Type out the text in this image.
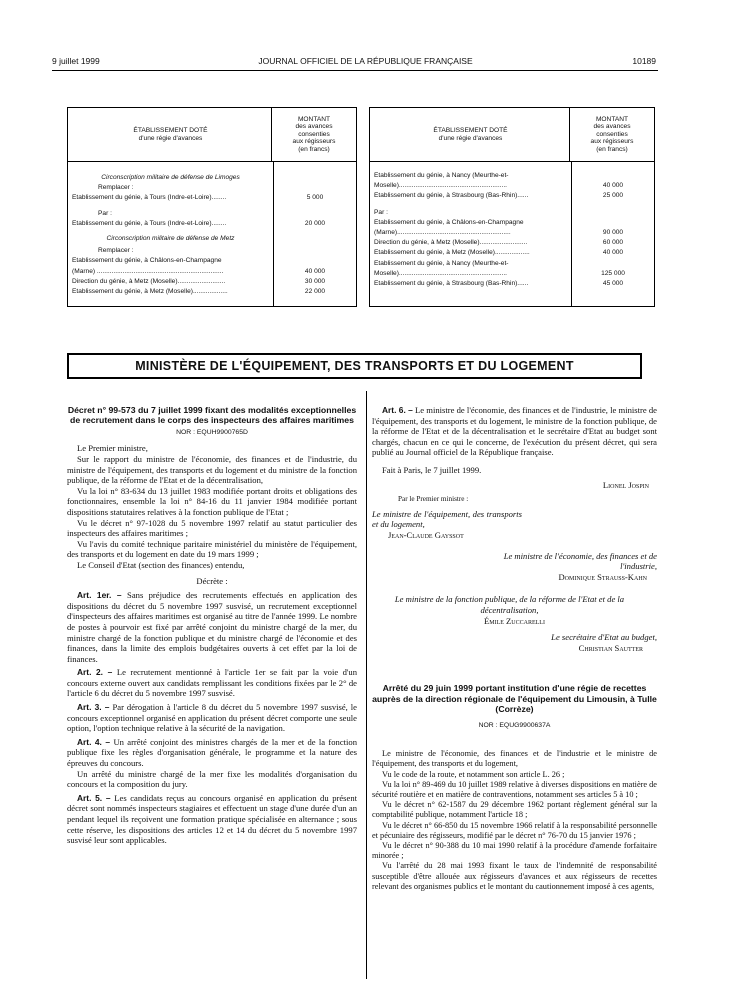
9 juillet 1999	JOURNAL OFFICIEL DE LA RÉPUBLIQUE FRANÇAISE	10189
ÉTABLISSEMENT DOTÉ
d'une régie d'avances
MONTANT
des avances
consenties
aux régisseurs
(en francs)
Circonscription militaire de défense de Limoges
Remplacer :
Etablissement du génie, à Tours (Indre-et-Loire)........	5 000
Par :
Etablissement du génie, à Tours (Indre-et-Loire)........	20 000
Circonscription militaire de défense de Metz
Remplacer :
Etablissement du génie, à Châlons-en-Champagne
(Marne) .....................................................................	40 000
Direction du génie, à Metz (Moselle)..........................	30 000
Etablissement du génie, à Metz (Moselle)...................	22 000
ÉTABLISSEMENT DOTÉ
d'une régie d'avances
MONTANT
des avances
consenties
aux régisseurs
(en francs)
Etablissement du génie, à Nancy (Meurthe-et-
Moselle)...........................................................	40 000
Etablissement du génie, à Strasbourg (Bas-Rhin)......	25 000
Par :
Etablissement du génie, à Châlons-en-Champagne
(Marne)..............................................................	90 000
Direction du génie, à Metz (Moselle)..........................	60 000
Etablissement du génie, à Metz (Moselle)...................	40 000
Etablissement du génie, à Nancy (Meurthe-et-
Moselle)...........................................................	125 000
Etablissement du génie, à Strasbourg (Bas-Rhin)......	45 000
MINISTÈRE DE L'ÉQUIPEMENT, DES TRANSPORTS ET DU LOGEMENT
Décret n° 99-573 du 7 juillet 1999 fixant des modalités exceptionnelles de recrutement dans le corps des inspecteurs des affaires maritimes
NOR : EQUH9900765D

Le Premier ministre,

Sur le rapport du ministre de l'économie, des finances et de l'industrie, du ministre de l'équipement, des transports et du logement et du ministre de la fonction publique, de la réforme de l'Etat et de la décentralisation,

Vu la loi n° 83-634 du 13 juillet 1983 modifiée portant droits et obligations des fonctionnaires, ensemble la loi n° 84-16 du 11 janvier 1984 modifiée portant dispositions statutaires relatives à la fonction publique de l'Etat ;

Vu le décret n° 97-1028 du 5 novembre 1997 relatif au statut particulier des inspecteurs des affaires maritimes ;

Vu l'avis du comité technique paritaire ministériel du ministère de l'équipement, des transports et du logement en date du 19 mars 1999 ;

Le Conseil d'Etat (section des finances) entendu,

Décrète :

Art. 1er. – Sans préjudice des recrutements effectués en application des dispositions du décret du 5 novembre 1997 susvisé, un recrutement exceptionnel d'inspecteurs des affaires maritimes est organisé au titre de l'année 1999. Le nombre de postes à pourvoir est fixé par arrêté conjoint du ministre chargé de la mer, du ministre chargé de la fonction publique et du ministre chargé de l'économie et des finances, dans la limite des emplois budgétaires ouverts à cet effet par la loi de finances.

Art. 2. – Le recrutement mentionné à l'article 1er se fait par la voie d'un concours externe ouvert aux candidats remplissant les conditions fixées par le 2° de l'article 6 du décret du 5 novembre 1997 susvisé.

Art. 3. – Par dérogation à l'article 8 du décret du 5 novembre 1997 susvisé, le concours exceptionnel organisé en application du présent décret comporte une seule option, l'option technique relative à la sécurité de la navigation.

Art. 4. – Un arrêté conjoint des ministres chargés de la mer et de la fonction publique fixe les règles d'organisation générale, le programme et la nature des épreuves du concours.

Un arrêté du ministre chargé de la mer fixe les modalités d'organisation du concours et la composition du jury.

Art. 5. – Les candidats reçus au concours organisé en application du présent décret sont nommés inspecteurs stagiaires et effectuent un stage d'une durée d'un an pendant lequel ils reçoivent une formation pratique spécialisée en alternance ; sous cette réserve, les dispositions des articles 12 et 14 du décret du 5 novembre 1997 susvisé leur sont applicables.

Art. 6. – Le ministre de l'économie, des finances et de l'industrie, le ministre de l'équipement, des transports et du logement, le ministre de la fonction publique, de la réforme de l'Etat et de la décentralisation et le secrétaire d'Etat au budget sont chargés, chacun en ce qui le concerne, de l'exécution du présent décret, qui sera publié au Journal officiel de la République française.

Fait à Paris, le 7 juillet 1999.

Lionel Jospin
Par le Premier ministre :
Le ministre de l'équipement, des transports et du logement,
Jean-Claude Gayssot
Le ministre de l'économie, des finances et de l'industrie,
Dominique Strauss-Kahn
Le ministre de la fonction publique, de la réforme de l'Etat et de la décentralisation,
Émile Zuccarelli
Le secrétaire d'Etat au budget,
Christian Sautter
Arrêté du 29 juin 1999 portant institution d'une régie de recettes auprès de la direction régionale de l'équipement du Limousin, à Tulle (Corrèze)
NOR : EQUG9900637A

Le ministre de l'économie, des finances et de l'industrie et le ministre de l'équipement, des transports et du logement,

Vu le code de la route, et notamment son article L. 26 ;

Vu la loi n° 89-469 du 10 juillet 1989 relative à diverses dispositions en matière de sécurité routière et en matière de contraventions, notamment ses articles 5 à 10 ;

Vu le décret n° 62-1587 du 29 décembre 1962 portant règlement général sur la comptabilité publique, notamment l'article 18 ;

Vu le décret n° 66-850 du 15 novembre 1966 relatif à la responsabilité personnelle et pécuniaire des régisseurs, modifié par le décret n° 76-70 du 15 janvier 1976 ;

Vu le décret n° 90-388 du 10 mai 1990 relatif à la procédure d'amende forfaitaire minorée ;

Vu l'arrêté du 28 mai 1993 fixant le taux de l'indemnité de responsabilité susceptible d'être allouée aux régisseurs d'avances et aux régisseurs de recettes relevant des organismes publics et le montant du cautionnement imposé à ces agents,
